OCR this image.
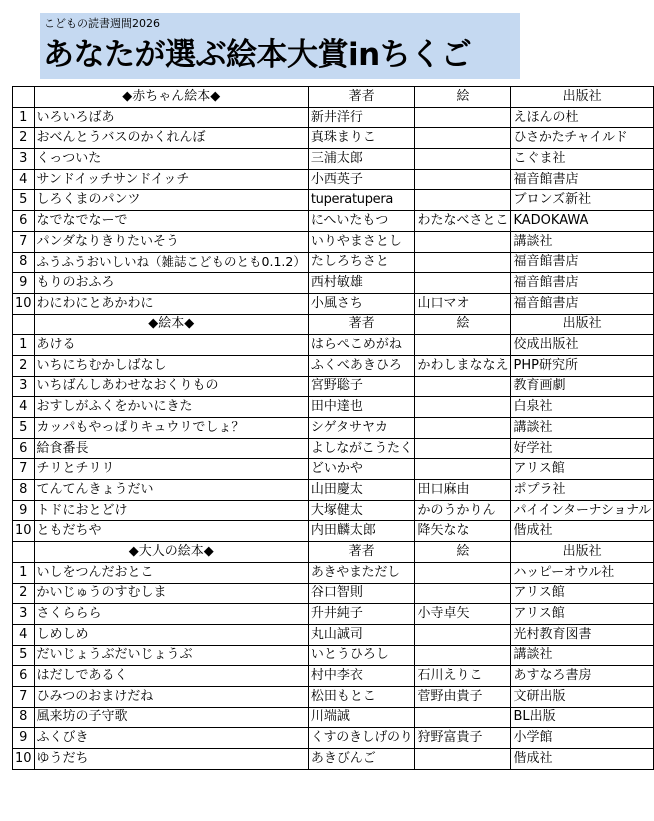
こどもの読書週間2026
あなたが選ぶ絵本大賞inちくご
	◆赤ちゃん絵本◆	著者	絵	出版社
1	いろいろばあ	新井洋行		えほんの杜
2	おべんとうバスのかくれんぼ	真珠まりこ		ひさかたチャイルド
3	くっついた	三浦太郎		こぐま社
4	サンドイッチサンドイッチ	小西英子		福音館書店
5	しろくまのパンツ	tuperatupera		ブロンズ新社
6	なでなでなーで	にへいたもつ	わたなべさとこ	KADOKAWA
7	パンダなりきりたいそう	いりやまさとし		講談社
8	ふうふうおいしいね（雑誌こどものとも0.1.2）	たしろちさと		福音館書店
9	もりのおふろ	西村敏雄		福音館書店
10	わにわにとあかわに	小風さち	山口マオ	福音館書店
	◆絵本◆	著者	絵	出版社
1	あける	はらぺこめがね		佼成出版社
2	いちにちむかしばなし	ふくべあきひろ	かわしまななえ	PHP研究所
3	いちばんしあわせなおくりもの	宮野聡子		教育画劇
4	おすしがふくをかいにきた	田中達也		白泉社
5	カッパもやっぱりキュウリでしょ？	シゲタサヤカ		講談社
6	給食番長	よしながこうたく		好学社
7	チリとチリリ	どいかや		アリス館
8	てんてんきょうだい	山田慶太	田口麻由	ポプラ社
9	トドにおとどけ	大塚健太	かのうかりん	パイインターナショナル
10	ともだちや	内田麟太郎	降矢なな	偕成社
	◆大人の絵本◆	著者	絵	出版社
1	いしをつんだおとこ	あきやまただし		ハッピーオウル社
2	かいじゅうのすむしま	谷口智則		アリス館
3	さくららら	升井純子	小寺卓矢	アリス館
4	しめしめ	丸山誠司		光村教育図書
5	だいじょうぶだいじょうぶ	いとうひろし		講談社
6	はだしであるく	村中李衣	石川えりこ	あすなろ書房
7	ひみつのおまけだね	松田もとこ	菅野由貴子	文研出版
8	風来坊の子守歌	川端誠		BL出版
9	ふくびき	くすのきしげのり	狩野富貴子	小学館
10	ゆうだち	あきびんご		偕成社
